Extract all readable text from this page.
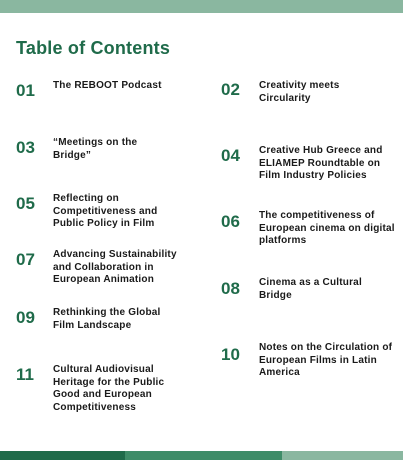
Table of Contents
01 The REBOOT Podcast
03 “Meetings on the Bridge”
05 Reflecting on Competitiveness and Public Policy in Film
07 Advancing Sustainability and Collaboration in European Animation
09 Rethinking the Global Film Landscape
11 Cultural Audiovisual Heritage for the Public Good and European Competitiveness
02 Creativity meets Circularity
04 Creative Hub Greece and ELIAMEP Roundtable on Film Industry Policies
06 The competitiveness of European cinema on digital platforms
08 Cinema as a Cultural Bridge
10 Notes on the Circulation of European Films in Latin America
